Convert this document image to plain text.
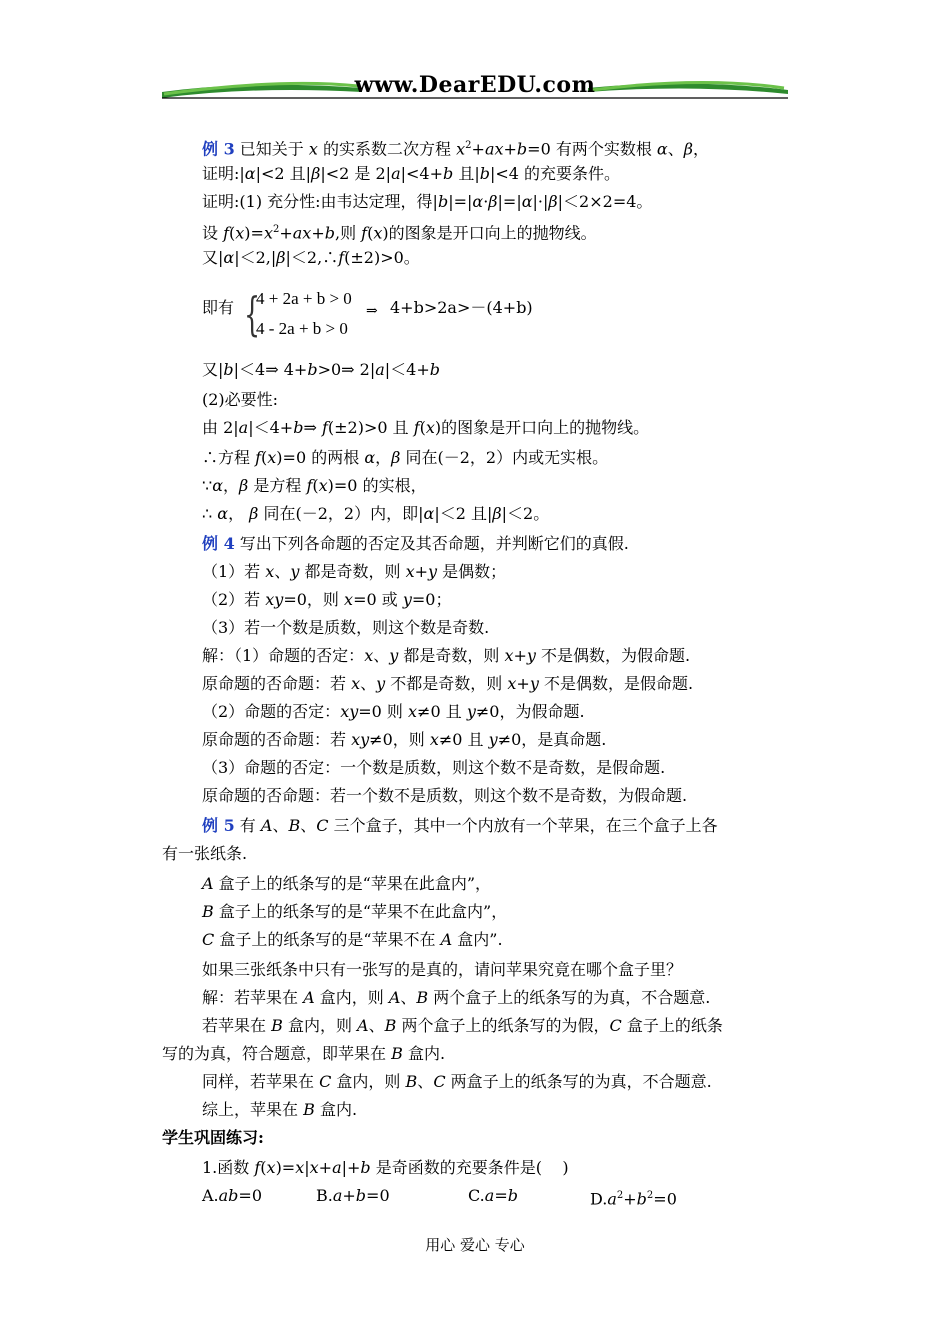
www.DearEDU.com
例 3 已知关于 x 的实系数二次方程 $x^2+ax+b=0$ 有两个实数根 α、β，
证明:|α|<2 且|β|<2 是 2|a|<4+b 且|b|<4 的充要条件。
证明:(1) 充分性:由韦达定理，得|b|=|α·β|=|α|·|β|＜2×2=4。
设 $f(x)=x^2+ax+b$,则 f(x)的图象是开口向上的抛物线。
又|α|＜2,|β|＜2,∴f(±2)>0。
即有 {
4 + 2a + b > 0
4 - 2a + b > 0
⇒ 4+b>2a>－(4+b)
又|b|＜4⇒ 4+b>0⇒ 2|a|＜4+b
(2)必要性:
由 2|a|＜4+b⇒ f(±2)>0 且 f(x)的图象是开口向上的抛物线。
∴方程 f(x)=0 的两根 α，β 同在(－2，2）内或无实根。
∵α，β 是方程 f(x)=0 的实根，
∴ α， β 同在(－2，2）内，即|α|＜2 且|β|＜2。
例 4 写出下列各命题的否定及其否命题，并判断它们的真假.
（1）若 x、y 都是奇数，则 x+y 是偶数；
（2）若 xy=0，则 x=0 或 y=0；
（3）若一个数是质数，则这个数是奇数.
解：（1）命题的否定：x、y 都是奇数，则 x+y 不是偶数，为假命题.
原命题的否命题：若 x、y 不都是奇数，则 x+y 不是偶数，是假命题.
（2）命题的否定：xy=0 则 x≠0 且 y≠0，为假命题.
原命题的否命题：若 xy≠0，则 x≠0 且 y≠0，是真命题.
（3）命题的否定：一个数是质数，则这个数不是奇数，是假命题.
原命题的否命题：若一个数不是质数，则这个数不是奇数，为假命题.
例 5 有 A、B、C 三个盒子，其中一个内放有一个苹果，在三个盒子上各
有一张纸条.
A 盒子上的纸条写的是“苹果在此盒内”，
B 盒子上的纸条写的是“苹果不在此盒内”，
C 盒子上的纸条写的是“苹果不在 A 盒内”.
如果三张纸条中只有一张写的是真的，请问苹果究竟在哪个盒子里？
解：若苹果在 A 盒内，则 A、B 两个盒子上的纸条写的为真，不合题意.
若苹果在 B 盒内，则 A、B 两个盒子上的纸条写的为假，C 盒子上的纸条
写的为真，符合题意，即苹果在 B 盒内.
同样，若苹果在 C 盒内，则 B、C 两盒子上的纸条写的为真，不合题意.
综上，苹果在 B 盒内.
学生巩固练习:
1.函数 f(x)=x|x+a|+b 是奇函数的充要条件是(    )
A.ab=0	B.a+b=0	C.a=b	$D.a^2+b^2=0$
用心 爱心 专心
